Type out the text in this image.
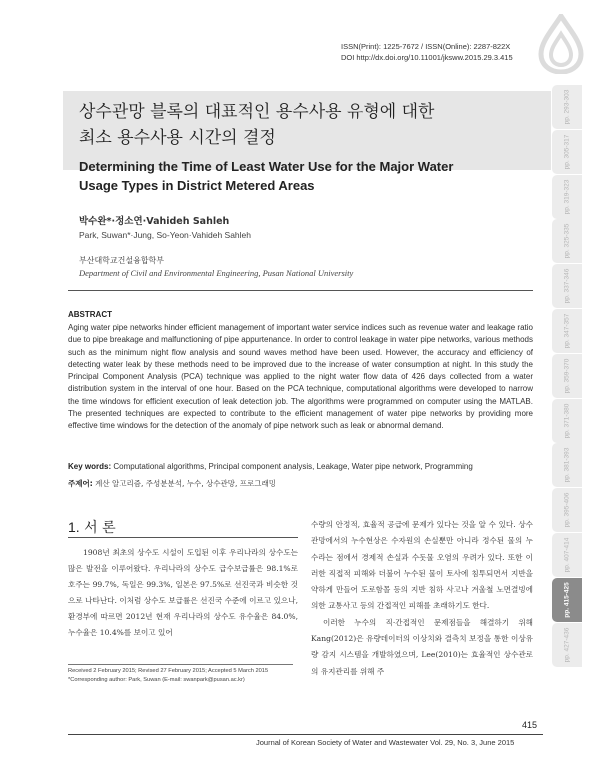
ISSN(Print): 1225-7672 / ISSN(Online): 2287-822X
DOI http://dx.doi.org/10.11001/jksww.2015.29.3.415
상수관망 블록의 대표적인 용수사용 유형에 대한
최소 용수사용 시간의 결정
Determining the Time of Least Water Use for the Major Water
Usage Types in District Metered Areas
박수완*·정소연·Vahideh Sahleh
Park, Suwan*·Jung, So-Yeon·Vahideh Sahleh
부산대학교건설융합학부
Department of Civil and Environmental Engineering, Pusan National University
ABSTRACT

Aging water pipe networks hinder efficient management of important water service indices such as revenue water and leakage ratio due to pipe breakage and malfunctioning of pipe appurtenance. In order to control leakage in water pipe networks, various methods such as the minimum night flow analysis and sound waves method have been used. However, the accuracy and efficiency of detecting water leak by these methods need to be improved due to the increase of water consumption at night. In this study the Principal Component Analysis (PCA) technique was applied to the night water flow data of 426 days collected from a water distribution system in the interval of one hour. Based on the PCA technique, computational algorithms were developed to narrow the time windows for efficient execution of leak detection job. The algorithms were programmed on computer using the MATLAB. The presented techniques are expected to contribute to the efficient management of water pipe networks by providing more effective time windows for the detection of the anomaly of pipe network such as leak or abnormal demand.

Key words: Computational algorithms, Principal component analysis, Leakage, Water pipe network, Programming
주제어: 계산 알고리즘, 주성분분석, 누수, 상수관망, 프로그래밍
1. 서 론

1908년 최초의 상수도 시설이 도입된 이후 우리나라의 상수도는 많은 발전을 이루어왔다. 우리나라의 상수도 급수보급률은 98.1%로 호주는 99.7%, 독일은 99.3%, 일본은 97.5%로 선진국과 비슷한 것으로 나타난다. 이처럼 상수도 보급률은 선진국 수준에 이르고 있으나, 환경부에 따르면 2012년 현재 우리나라의 상수도 유수율은 84.0%, 누수율은 10.4%를 보이고 있어

수량의 안정적, 효율적 공급에 문제가 있다는 것을 알 수 있다. 상수관망에서의 누수현상은 수자원의 손실뿐만 아니라 정수된 물의 누수라는 점에서 경제적 손실과 수돗물 오염의 우려가 있다. 또한 이러한 직접적 피해와 더불어 누수된 물이 토사에 침투되면서 지반을 약하게 만들어 도로함몰 등의 지반 침하 사고나 겨울철 노면결빙에 의한 교통사고 등의 간접적인 피해를 초래하기도 한다.

이러한 누수의 직·간접적인 문제점들을 해결하기 위해 Kang(2012)은 유량데이터의 이상치와 결측치 보정을 통한 이상유량 감지 시스템을 개발하였으며, Lee(2010)는 효율적인 상수관로의 유지관리를 위해 주

Received 2 February 2015; Revised 27 February 2015; Accepted 5 March 2015
*Corresponding author: Park, Suwan (E-mail: swanpark@pusan.ac.kr)
415
Journal of Korean Society of Water and Wastewater Vol. 29, No. 3, June 2015
pp. 293-303
pp. 305-317
pp. 319-323
pp. 325-335
pp. 337-346
pp. 347-357
pp. 359-370
pp. 371-380
pp. 381-393
pp. 395-406
pp. 407-414
pp. 415-425
pp. 427-436
